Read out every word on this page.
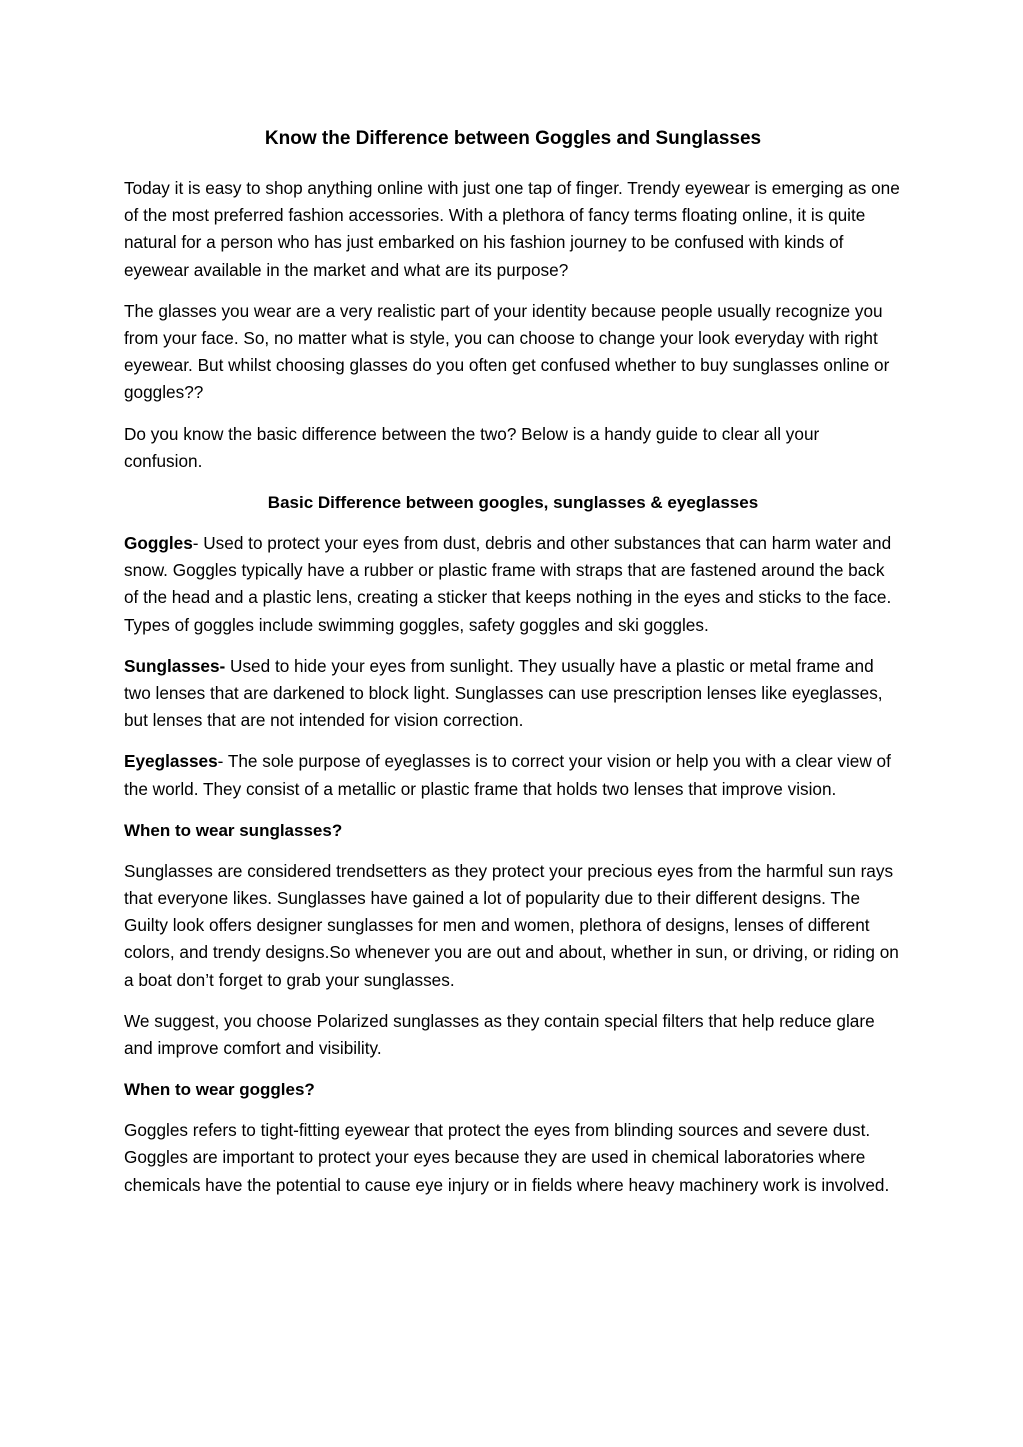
Know the Difference between Goggles and Sunglasses

Today it is easy to shop anything online with just one tap of finger. Trendy eyewear is emerging as one of the most preferred fashion accessories. With a plethora of fancy terms floating online, it is quite natural for a person who has just embarked on his fashion journey to be confused with kinds of eyewear available in the market and what are its purpose?

The glasses you wear are a very realistic part of your identity because people usually recognize you from your face. So, no matter what is style, you can choose to change your look everyday with right eyewear. But whilst choosing glasses do you often get confused whether to buy sunglasses online or goggles??

Do you know the basic difference between the two? Below is a handy guide to clear all your confusion.

Basic Difference between googles, sunglasses & eyeglasses

Goggles- Used to protect your eyes from dust, debris and other substances that can harm water and snow. Goggles typically have a rubber or plastic frame with straps that are fastened around the back of the head and a plastic lens, creating a sticker that keeps nothing in the eyes and sticks to the face. Types of goggles include swimming goggles, safety goggles and ski goggles.

Sunglasses- Used to hide your eyes from sunlight. They usually have a plastic or metal frame and two lenses that are darkened to block light. Sunglasses can use prescription lenses like eyeglasses, but lenses that are not intended for vision correction.

Eyeglasses- The sole purpose of eyeglasses is to correct your vision or help you with a clear view of the world. They consist of a metallic or plastic frame that holds two lenses that improve vision.

When to wear sunglasses?

Sunglasses are considered trendsetters as they protect your precious eyes from the harmful sun rays that everyone likes. Sunglasses have gained a lot of popularity due to their different designs. The Guilty look offers designer sunglasses for men and women, plethora of designs, lenses of different colors, and trendy designs.So whenever you are out and about, whether in sun, or driving, or riding on a boat don’t forget to grab your sunglasses.

We suggest, you choose Polarized sunglasses as they contain special filters that help reduce glare and improve comfort and visibility.

When to wear goggles?

Goggles refers to tight-fitting eyewear that protect the eyes from blinding sources and severe dust. Goggles are important to protect your eyes because they are used in chemical laboratories where chemicals have the potential to cause eye injury or in fields where heavy machinery work is involved.
